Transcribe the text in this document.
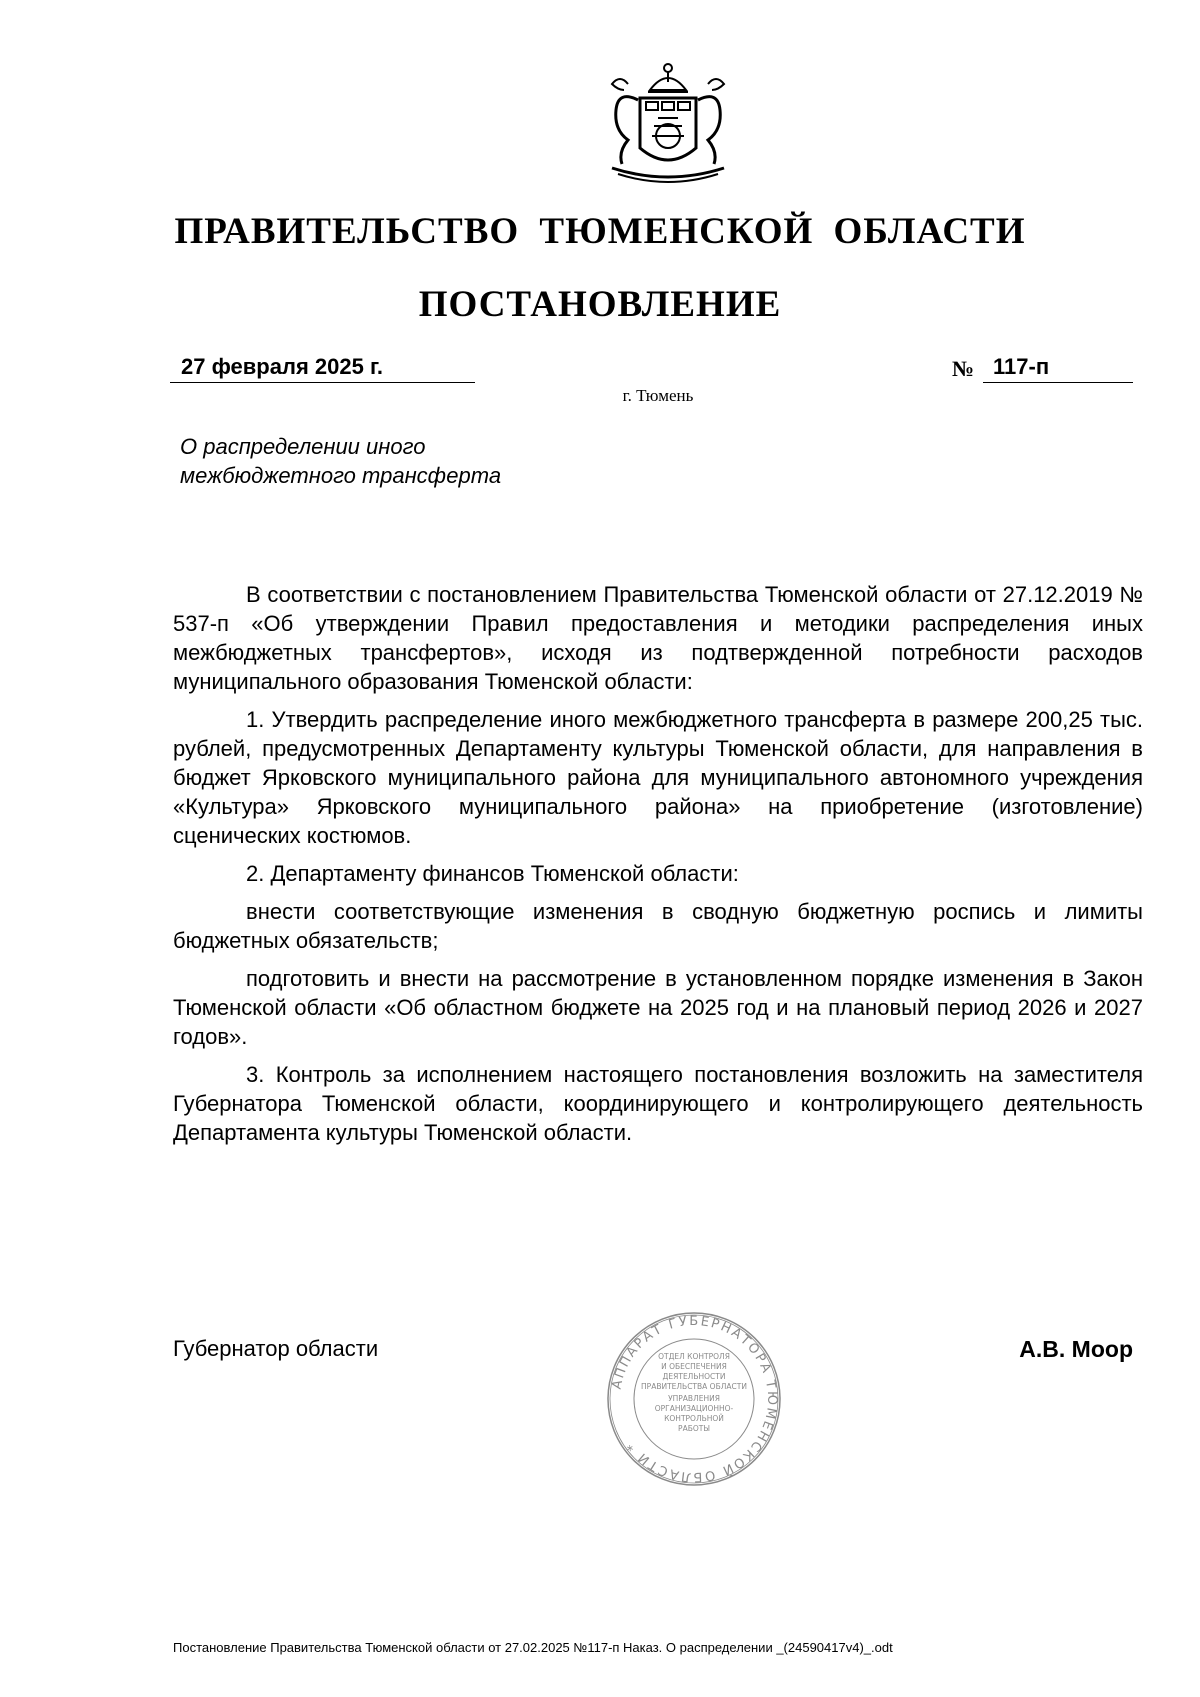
ПРАВИТЕЛЬСТВО ТЮМЕНСКОЙ ОБЛАСТИ
ПОСТАНОВЛЕНИЕ
27 февраля 2025 г.	№ 117-п
г. Тюмень
О распределении иного
межбюджетного трансферта

В соответствии с постановлением Правительства Тюменской области от 27.12.2019 № 537-п «Об утверждении Правил предоставления и методики распределения иных межбюджетных трансфертов», исходя из подтвержденной потребности расходов муниципального образования Тюменской области:

1. Утвердить распределение иного межбюджетного трансферта в размере 200,25 тыс. рублей, предусмотренных Департаменту культуры Тюменской области, для направления в бюджет Ярковского муниципального района для муниципального автономного учреждения «Культура» Ярковского муниципального района» на приобретение (изготовление) сценических костюмов.

2. Департаменту финансов Тюменской области:

внести соответствующие изменения в сводную бюджетную роспись и лимиты бюджетных обязательств;

подготовить и внести на рассмотрение в установленном порядке изменения в Закон Тюменской области «Об областном бюджете на 2025 год и на плановый период 2026 и 2027 годов».

3. Контроль за исполнением настоящего постановления возложить на заместителя Губернатора Тюменской области, координирующего и контролирующего деятельность Департамента культуры Тюменской области.

Губернатор области	А.В. Моор
АППАРАТ ГУБЕРНАТОРА ТЮМЕНСКОЙ ОБЛАСТИ *
ОТДЕЛ КОНТРОЛЯ
И ОБЕСПЕЧЕНИЯ
ДЕЯТЕЛЬНОСТИ
ПРАВИТЕЛЬСТВА ОБЛАСТИ
УПРАВЛЕНИЯ
ОРГАНИЗАЦИОННО-
КОНТРОЛЬНОЙ
РАБОТЫ
Постановление Правительства Тюменской области от 27.02.2025 №117-п Наказ. О распределении _(24590417v4)_.odt
